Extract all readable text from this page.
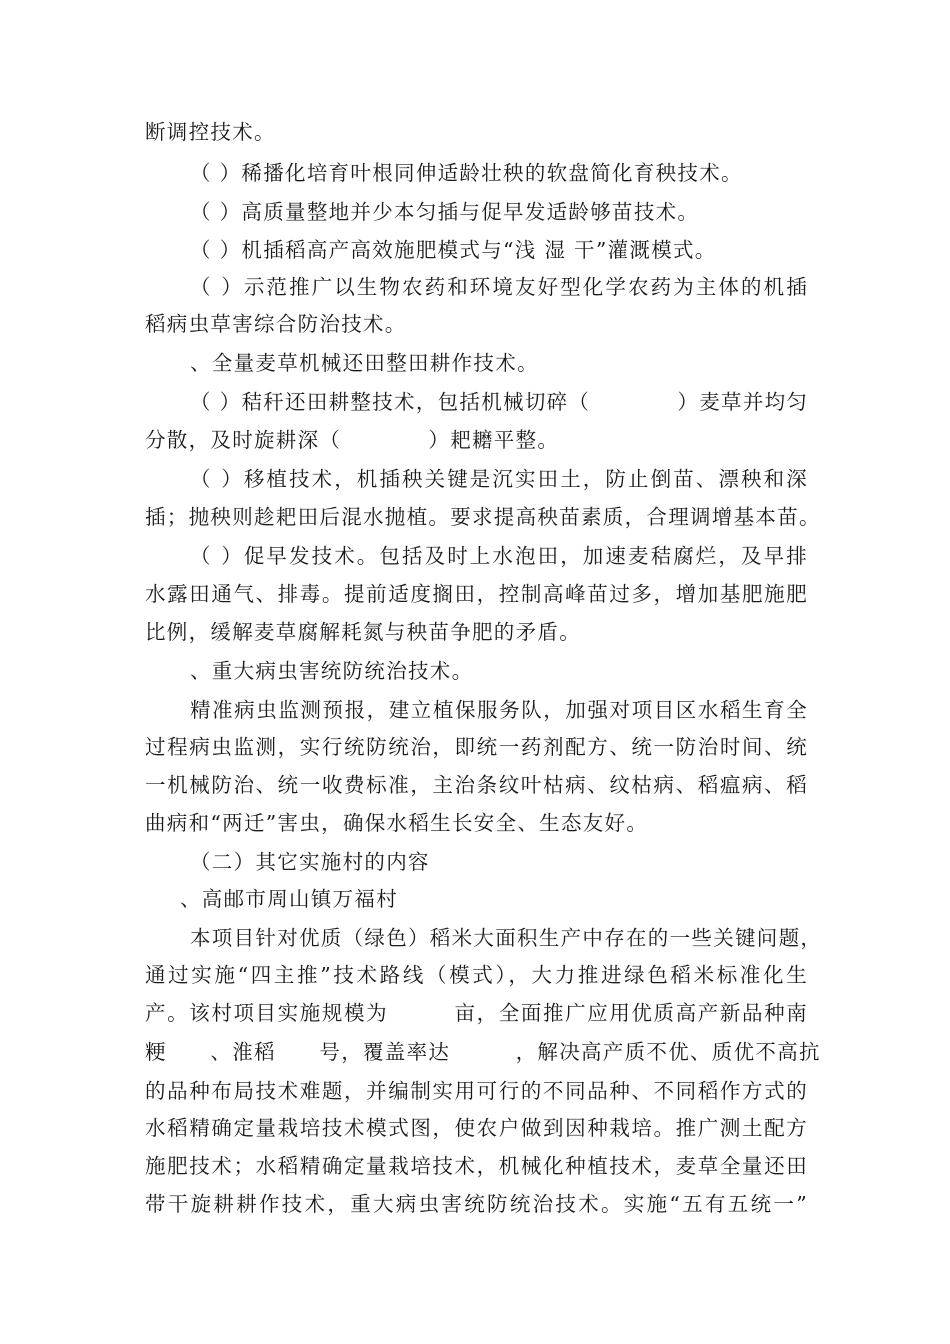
断调控技术。
（ ）稀播化培育叶根同伸适龄壮秧的软盘简化育秧技术。
（ ）高质量整地并少本匀插与促早发适龄够苗技术。
（ ）机插稻高产高效施肥模式与“浅 湿 干”灌溉模式。
（ ）示范推广以生物农药和环境友好型化学农药为主体的机插
稻病虫草害综合防治技术。
、全量麦草机械还田整田耕作技术。
（ ）秸秆还田耕整技术，包括机械切碎（　　　　）麦草并均匀
分散，及时旋耕深（　　　　）耙耱平整。
（ ）移植技术，机插秧关键是沉实田土，防止倒苗、漂秧和深
插；抛秧则趁耙田后混水抛植。要求提高秧苗素质，合理调增基本苗。
（ ）促早发技术。包括及时上水泡田，加速麦秸腐烂，及早排
水露田通气、排毒。提前适度搁田，控制高峰苗过多，增加基肥施肥
比例，缓解麦草腐解耗氮与秧苗争肥的矛盾。
、重大病虫害统防统治技术。
精准病虫监测预报，建立植保服务队，加强对项目区水稻生育全
过程病虫监测，实行统防统治，即统一药剂配方、统一防治时间、统
一机械防治、统一收费标准，主治条纹叶枯病、纹枯病、稻瘟病、稻
曲病和“两迁”害虫，确保水稻生长安全、生态友好。
（二）其它实施村的内容
、高邮市周山镇万福村
本项目针对优质（绿色）稻米大面积生产中存在的一些关键问题，
通过实施“四主推”技术路线（模式），大力推进绿色稻米标准化生
产。该村项目实施规模为　　　亩，全面推广应用优质高产新品种南
粳　　、淮稻　　号，覆盖率达　　　，解决高产质不优、质优不高抗
的品种布局技术难题，并编制实用可行的不同品种、不同稻作方式的
水稻精确定量栽培技术模式图，使农户做到因种栽培。推广测土配方
施肥技术；水稻精确定量栽培技术，机械化种植技术，麦草全量还田
带干旋耕耕作技术，重大病虫害统防统治技术。实施“五有五统一”
